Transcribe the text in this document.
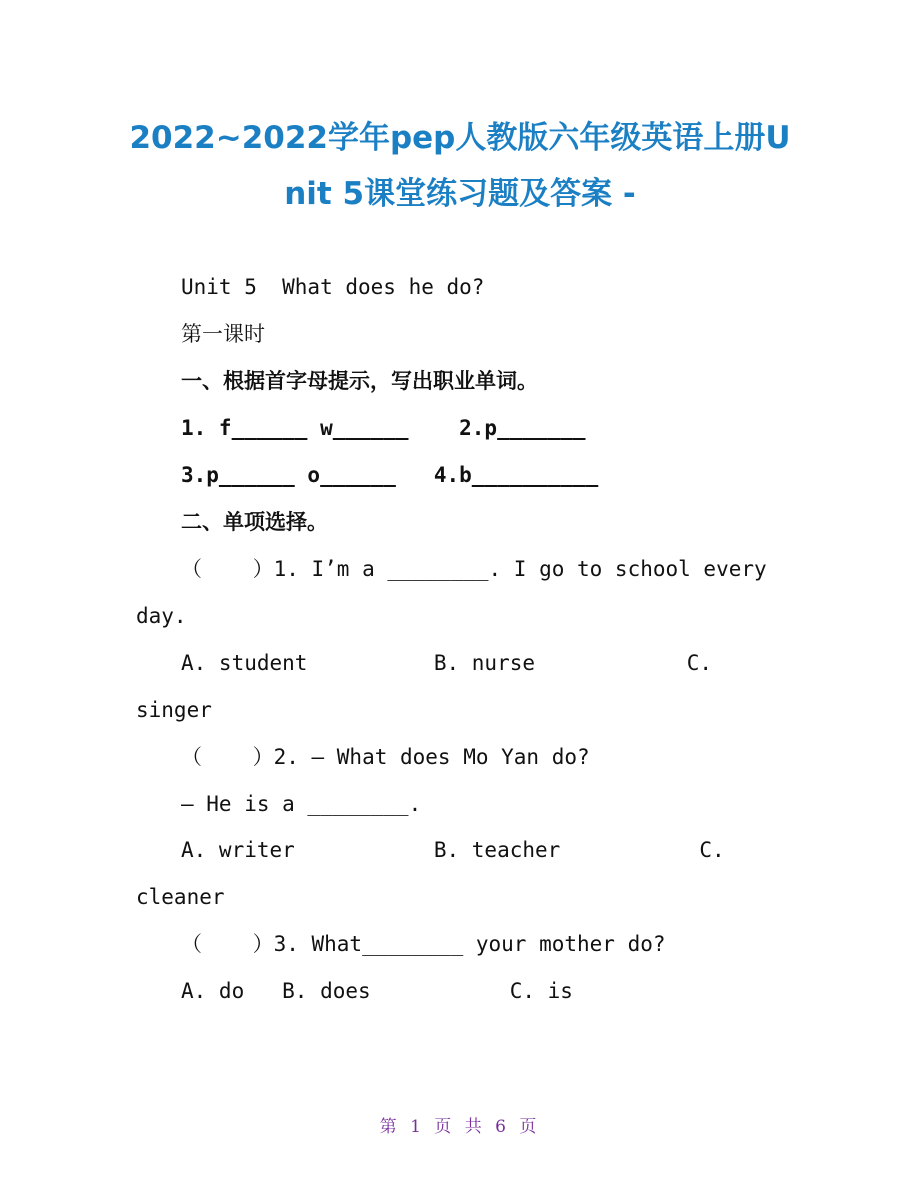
2022~2022学年pep人教版六年级英语上册U
nit 5课堂练习题及答案 -
Unit 5  What does he do?
第一课时
一、根据首字母提示，写出职业单词。
1. f______ w______    2.p_______
3.p______ o______   4.b__________
二、单项选择。
（    ）1. I’m a ________. I go to school every
day.
A. student          B. nurse            C.
singer
（    ）2. — What does Mo Yan do?
— He is a ________.
A. writer           B. teacher           C.
cleaner
（    ）3. What________ your mother do?
A. do   B. does           C. is
第 1 页 共 6 页
